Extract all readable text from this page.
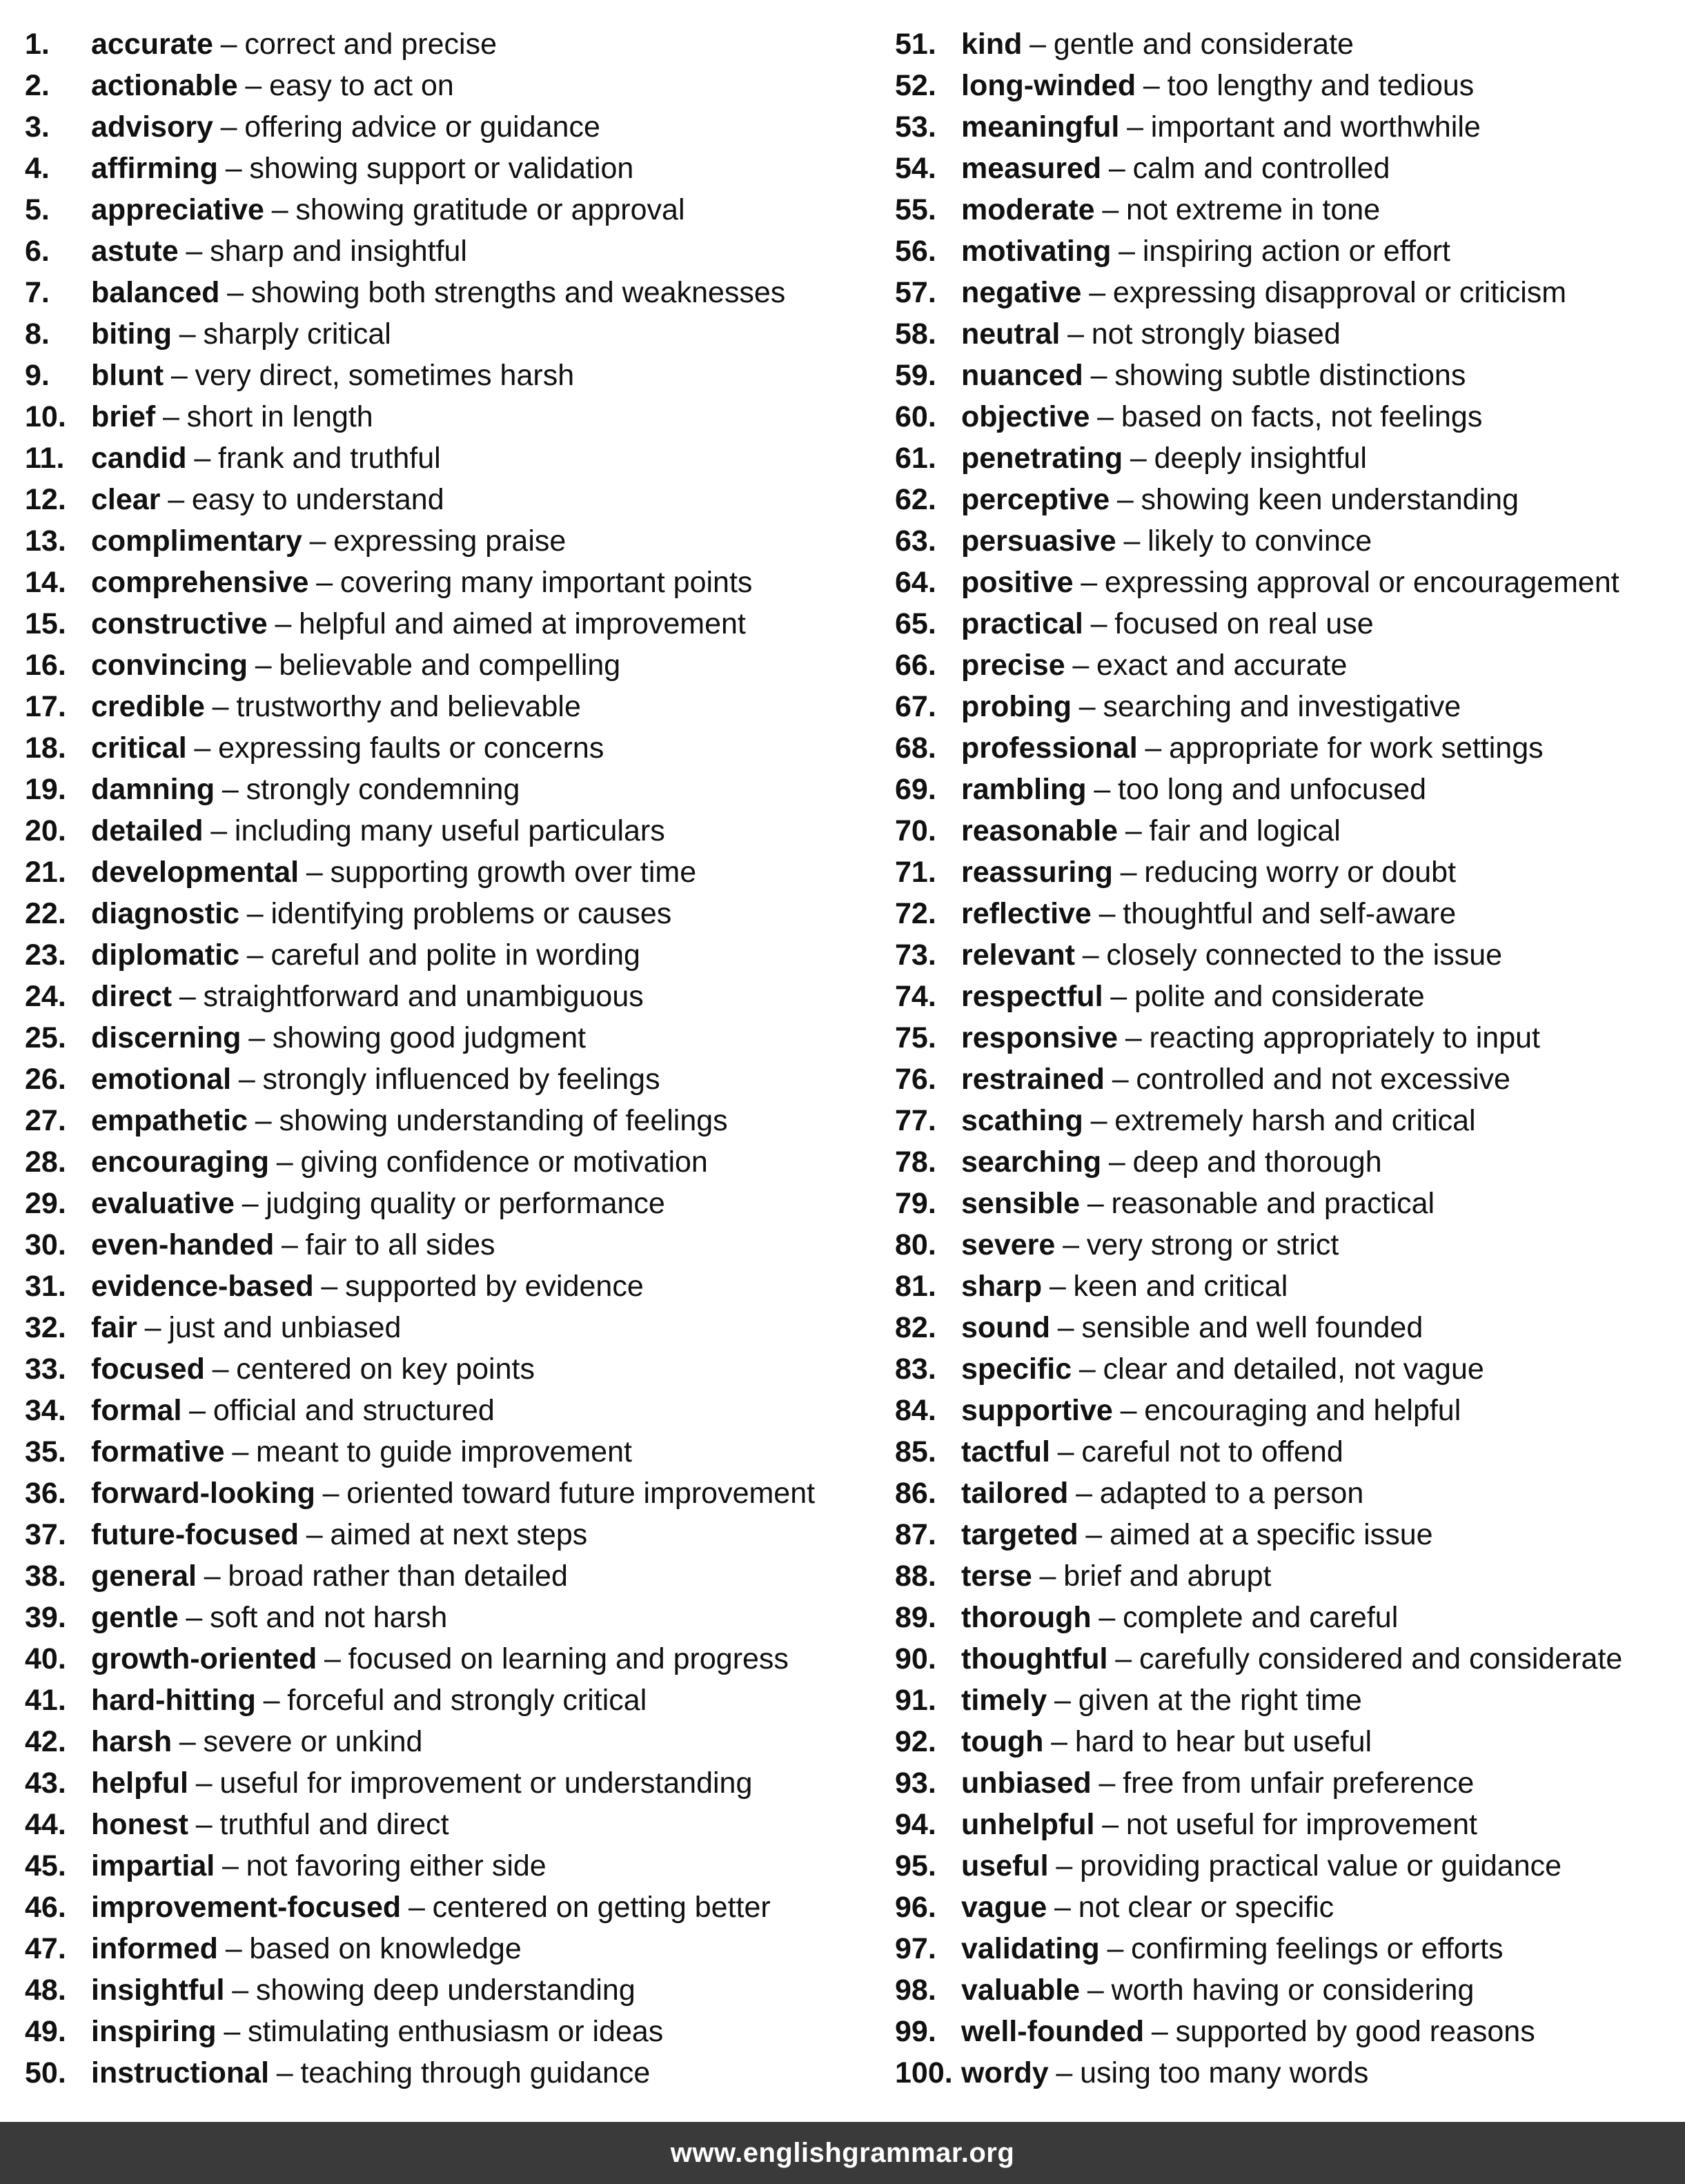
1.	accurate – correct and precise
2.	actionable – easy to act on
3.	advisory – offering advice or guidance
4.	affirming – showing support or validation
5.	appreciative – showing gratitude or approval
6.	astute – sharp and insightful
7.	balanced – showing both strengths and weaknesses
8.	biting – sharply critical
9.	blunt – very direct, sometimes harsh
10. brief – short in length
11. candid – frank and truthful
12. clear – easy to understand
13. complimentary – expressing praise
14. comprehensive – covering many important points
15. constructive – helpful and aimed at improvement
16. convincing – believable and compelling
17. credible – trustworthy and believable
18. critical – expressing faults or concerns
19. damning – strongly condemning
20. detailed – including many useful particulars
21. developmental – supporting growth over time
22. diagnostic – identifying problems or causes
23. diplomatic – careful and polite in wording
24. direct – straightforward and unambiguous
25. discerning – showing good judgment
26. emotional – strongly influenced by feelings
27. empathetic – showing understanding of feelings
28. encouraging – giving confidence or motivation
29. evaluative – judging quality or performance
30. even-handed – fair to all sides
31. evidence-based – supported by evidence
32. fair – just and unbiased
33. focused – centered on key points
34. formal – official and structured
35. formative – meant to guide improvement
36. forward-looking – oriented toward future improvement
37. future-focused – aimed at next steps
38. general – broad rather than detailed
39. gentle – soft and not harsh
40. growth-oriented – focused on learning and progress
41. hard-hitting – forceful and strongly critical
42. harsh – severe or unkind
43. helpful – useful for improvement or understanding
44. honest – truthful and direct
45. impartial – not favoring either side
46. improvement-focused – centered on getting better
47. informed – based on knowledge
48. insightful – showing deep understanding
49. inspiring – stimulating enthusiasm or ideas
50. instructional – teaching through guidance
51. kind – gentle and considerate
52. long-winded – too lengthy and tedious
53. meaningful – important and worthwhile
54. measured – calm and controlled
55. moderate – not extreme in tone
56. motivating – inspiring action or effort
57. negative – expressing disapproval or criticism
58. neutral – not strongly biased
59. nuanced – showing subtle distinctions
60. objective – based on facts, not feelings
61. penetrating – deeply insightful
62. perceptive – showing keen understanding
63. persuasive – likely to convince
64. positive – expressing approval or encouragement
65. practical – focused on real use
66. precise – exact and accurate
67. probing – searching and investigative
68. professional – appropriate for work settings
69. rambling – too long and unfocused
70. reasonable – fair and logical
71. reassuring – reducing worry or doubt
72. reflective – thoughtful and self-aware
73. relevant – closely connected to the issue
74. respectful – polite and considerate
75. responsive – reacting appropriately to input
76. restrained – controlled and not excessive
77. scathing – extremely harsh and critical
78. searching – deep and thorough
79. sensible – reasonable and practical
80. severe – very strong or strict
81. sharp – keen and critical
82. sound – sensible and well founded
83. specific – clear and detailed, not vague
84. supportive – encouraging and helpful
85. tactful – careful not to offend
86. tailored – adapted to a person
87. targeted – aimed at a specific issue
88. terse – brief and abrupt
89. thorough – complete and careful
90. thoughtful – carefully considered and considerate
91. timely – given at the right time
92. tough – hard to hear but useful
93. unbiased – free from unfair preference
94. unhelpful – not useful for improvement
95. useful – providing practical value or guidance
96. vague – not clear or specific
97. validating – confirming feelings or efforts
98. valuable – worth having or considering
99. well-founded – supported by good reasons
100. wordy – using too many words
www.englishgrammar.org
